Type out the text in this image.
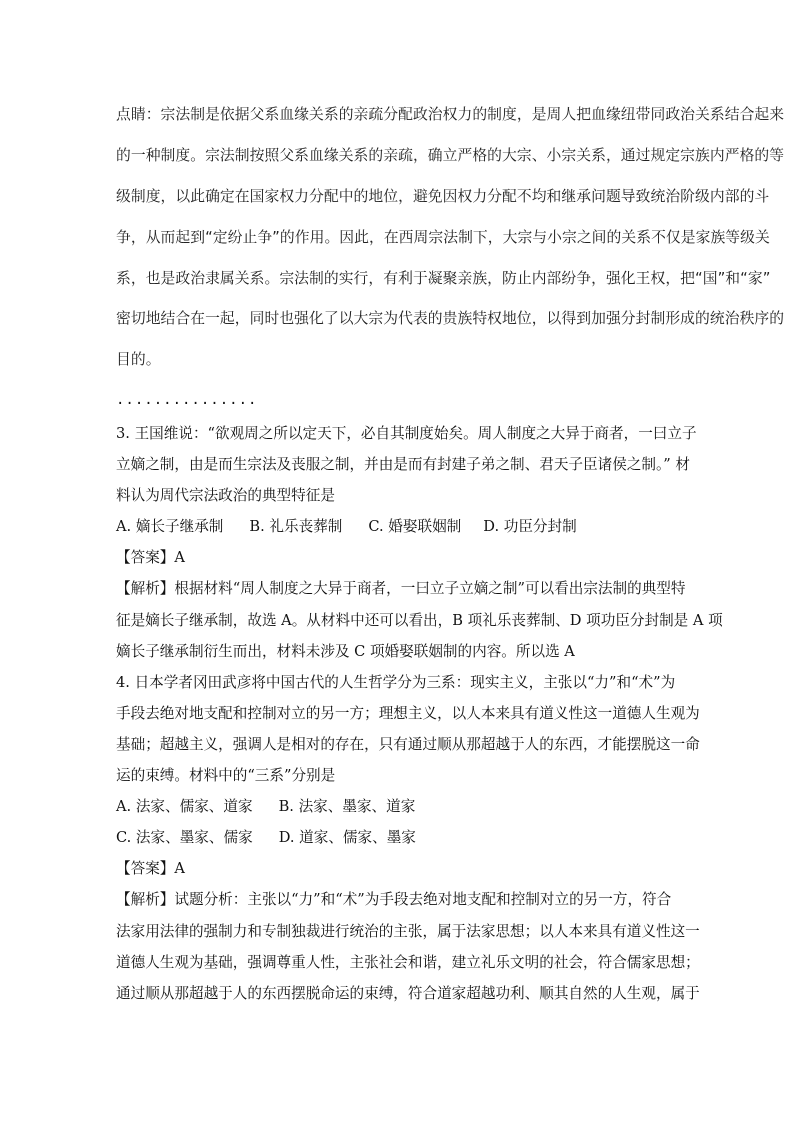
点睛：宗法制是依据父系血缘关系的亲疏分配政治权力的制度，是周人把血缘纽带同政治关系结合起来
的一种制度。宗法制按照父系血缘关系的亲疏，确立严格的大宗、小宗关系，通过规定宗族内严格的等
级制度，以此确定在国家权力分配中的地位，避免因权力分配不均和继承问题导致统治阶级内部的斗
争，从而起到“定纷止争”的作用。因此，在西周宗法制下，大宗与小宗之间的关系不仅是家族等级关
系，也是政治隶属关系。宗法制的实行，有利于凝聚亲族，防止内部纷争，强化王权，把“国”和“家”
密切地结合在一起，同时也强化了以大宗为代表的贵族特权地位，以得到加强分封制形成的统治秩序的
目的。
...............
3. 王国维说：“欲观周之所以定天下，必自其制度始矣。周人制度之大异于商者，一曰立子
立嫡之制，由是而生宗法及丧服之制，并由是而有封建子弟之制、君天子臣诸侯之制。” 材
料认为周代宗法政治的典型特征是
A. 嫡长子继承制 B. 礼乐丧葬制 C. 婚娶联姻制 D. 功臣分封制
【答案】A
【解析】根据材料“周人制度之大异于商者，一曰立子立嫡之制”可以看出宗法制的典型特
征是嫡长子继承制，故选 A。从材料中还可以看出，B 项礼乐丧葬制、D 项功臣分封制是 A 项
嫡长子继承制衍生而出，材料未涉及 C 项婚娶联姻制的内容。所以选 A
4. 日本学者冈田武彦将中国古代的人生哲学分为三系：现实主义，主张以“力”和“术”为
手段去绝对地支配和控制对立的另一方；理想主义，以人本来具有道义性这一道德人生观为
基础；超越主义，强调人是相对的存在，只有通过顺从那超越于人的东西，才能摆脱这一命
运的束缚。材料中的“三系”分别是
A. 法家、儒家、道家 B. 法家、墨家、道家
C. 法家、墨家、儒家 D. 道家、儒家、墨家
【答案】A
【解析】试题分析：主张以“力”和“术”为手段去绝对地支配和控制对立的另一方，符合
法家用法律的强制力和专制独裁进行统治的主张，属于法家思想；以人本来具有道义性这一
道德人生观为基础，强调尊重人性，主张社会和谐，建立礼乐文明的社会，符合儒家思想；
通过顺从那超越于人的东西摆脱命运的束缚，符合道家超越功利、顺其自然的人生观，属于
